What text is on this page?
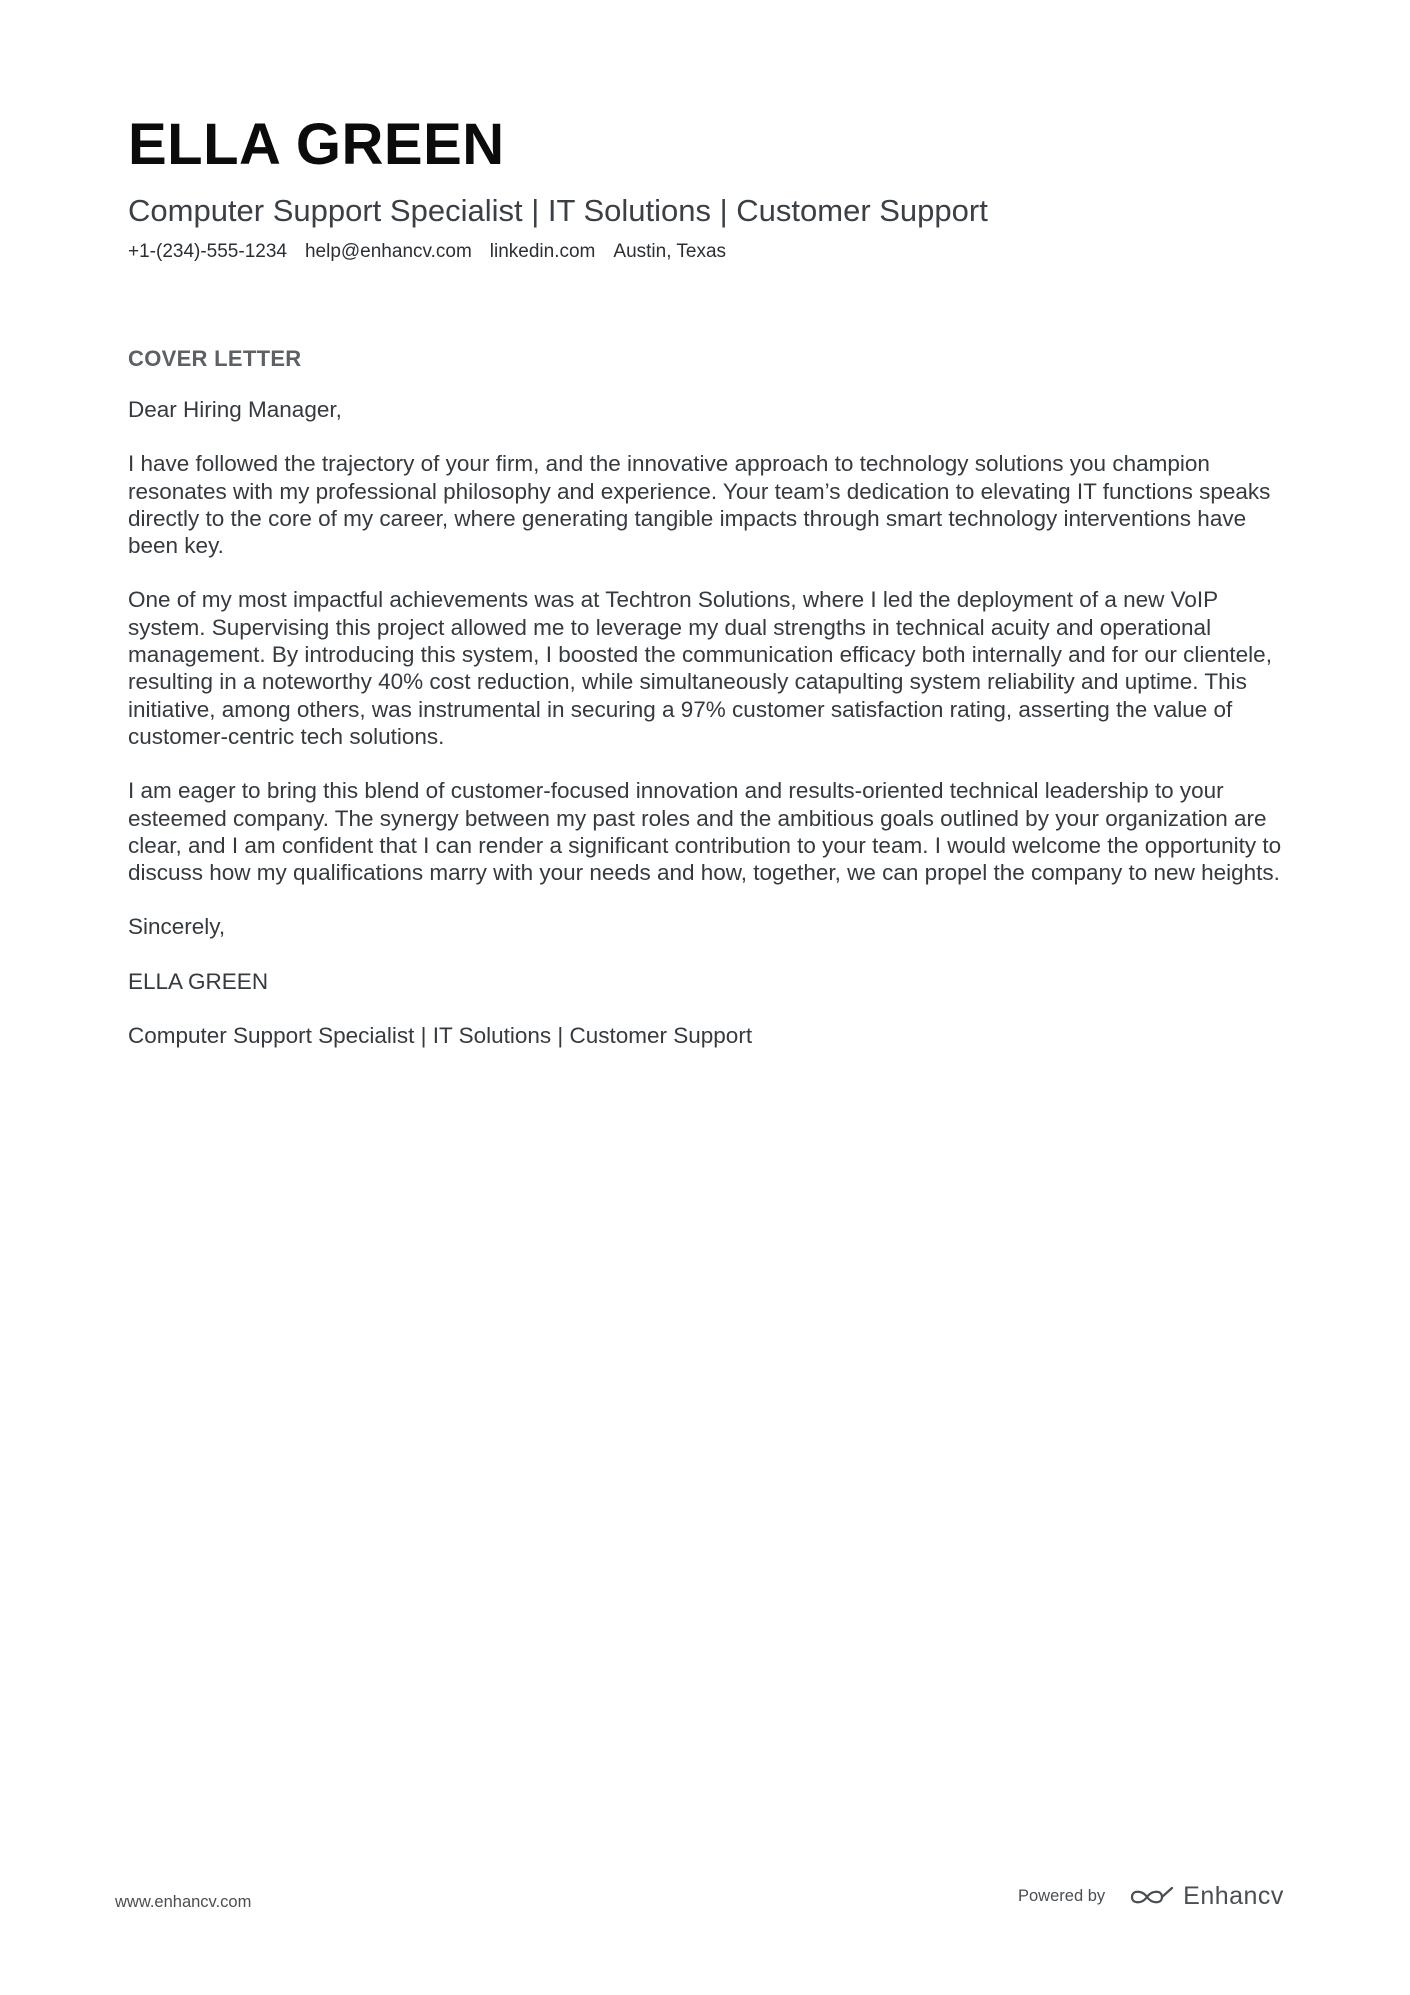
ELLA GREEN
Computer Support Specialist | IT Solutions | Customer Support
+1-(234)-555-1234 help@enhancv.com linkedin.com Austin, Texas
COVER LETTER

Dear Hiring Manager,

I have followed the trajectory of your firm, and the innovative approach to technology solutions you champion resonates with my professional philosophy and experience. Your team’s dedication to elevating IT functions speaks directly to the core of my career, where generating tangible impacts through smart technology interventions have been key.

One of my most impactful achievements was at Techtron Solutions, where I led the deployment of a new VoIP system. Supervising this project allowed me to leverage my dual strengths in technical acuity and operational management. By introducing this system, I boosted the communication efficacy both internally and for our clientele, resulting in a noteworthy 40% cost reduction, while simultaneously catapulting system reliability and uptime. This initiative, among others, was instrumental in securing a 97% customer satisfaction rating, asserting the value of customer-centric tech solutions.

I am eager to bring this blend of customer-focused innovation and results-oriented technical leadership to your esteemed company. The synergy between my past roles and the ambitious goals outlined by your organization are clear, and I am confident that I can render a significant contribution to your team. I would welcome the opportunity to discuss how my qualifications marry with your needs and how, together, we can propel the company to new heights.

Sincerely,

ELLA GREEN

Computer Support Specialist | IT Solutions | Customer Support

www.enhancv.com	Powered by	Enhancv
